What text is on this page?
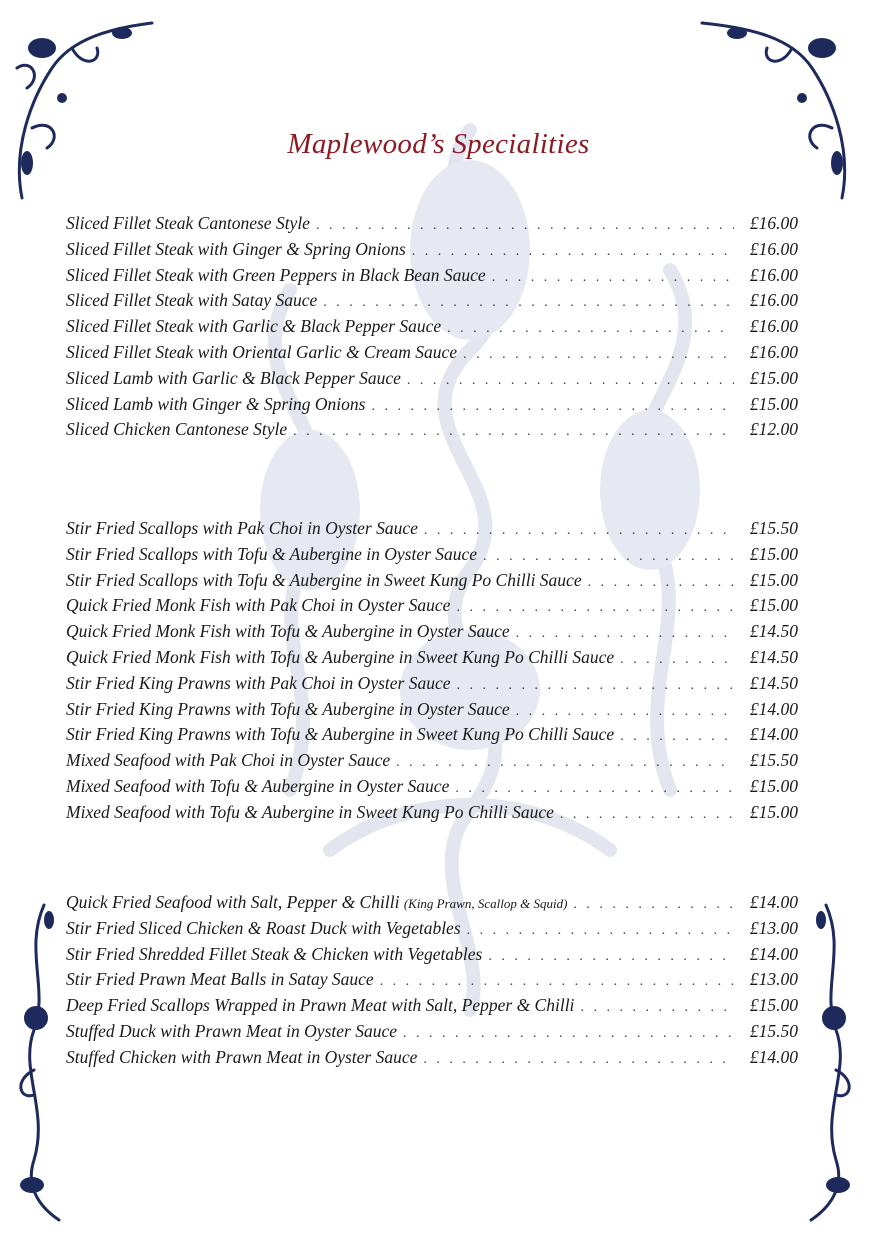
Maplewood’s Specialities
Sliced Fillet Steak Cantonese Style . . .	£16.00
Sliced Fillet Steak with Ginger & Spring Onions . . .	£16.00
Sliced Fillet Steak with Green Peppers in Black Bean Sauce . . .	£16.00
Sliced Fillet Steak with Satay Sauce . . .	£16.00
Sliced Fillet Steak with Garlic & Black Pepper Sauce . . .	£16.00
Sliced Fillet Steak with Oriental Garlic & Cream Sauce . . .	£16.00
Sliced Lamb with Garlic & Black Pepper Sauce . . .	£15.00
Sliced Lamb with Ginger & Spring Onions . . .	£15.00
Sliced Chicken Cantonese Style . . .	£12.00
Stir Fried Scallops with Pak Choi in Oyster Sauce . . .	£15.50
Stir Fried Scallops with Tofu & Aubergine in Oyster Sauce . . .	£15.00
Stir Fried Scallops with Tofu & Aubergine in Sweet Kung Po Chilli Sauce . . .	£15.00
Quick Fried Monk Fish with Pak Choi in Oyster Sauce . . .	£15.00
Quick Fried Monk Fish with Tofu & Aubergine in Oyster Sauce . . .	£14.50
Quick Fried Monk Fish with Tofu & Aubergine in Sweet Kung Po Chilli Sauce . . .	£14.50
Stir Fried King Prawns with Pak Choi in Oyster Sauce . . .	£14.50
Stir Fried King Prawns with Tofu & Aubergine in Oyster Sauce . . .	£14.00
Stir Fried King Prawns with Tofu & Aubergine in Sweet Kung Po Chilli Sauce . . .	£14.00
Mixed Seafood with Pak Choi in Oyster Sauce . . .	£15.50
Mixed Seafood with Tofu & Aubergine in Oyster Sauce . . .	£15.00
Mixed Seafood with Tofu & Aubergine in Sweet Kung Po Chilli Sauce . . .	£15.00
Quick Fried Seafood with Salt, Pepper & Chilli (King Prawn, Scallop & Squid) . . .	£14.00
Stir Fried Sliced Chicken & Roast Duck with Vegetables . . .	£13.00
Stir Fried Shredded Fillet Steak & Chicken with Vegetables . . .	£14.00
Stir Fried Prawn Meat Balls in Satay Sauce . . .	£13.00
Deep Fried Scallops Wrapped in Prawn Meat with Salt, Pepper & Chilli . . .	£15.00
Stuffed Duck with Prawn Meat in Oyster Sauce . . .	£15.50
Stuffed Chicken with Prawn Meat in Oyster Sauce . . .	£14.00
